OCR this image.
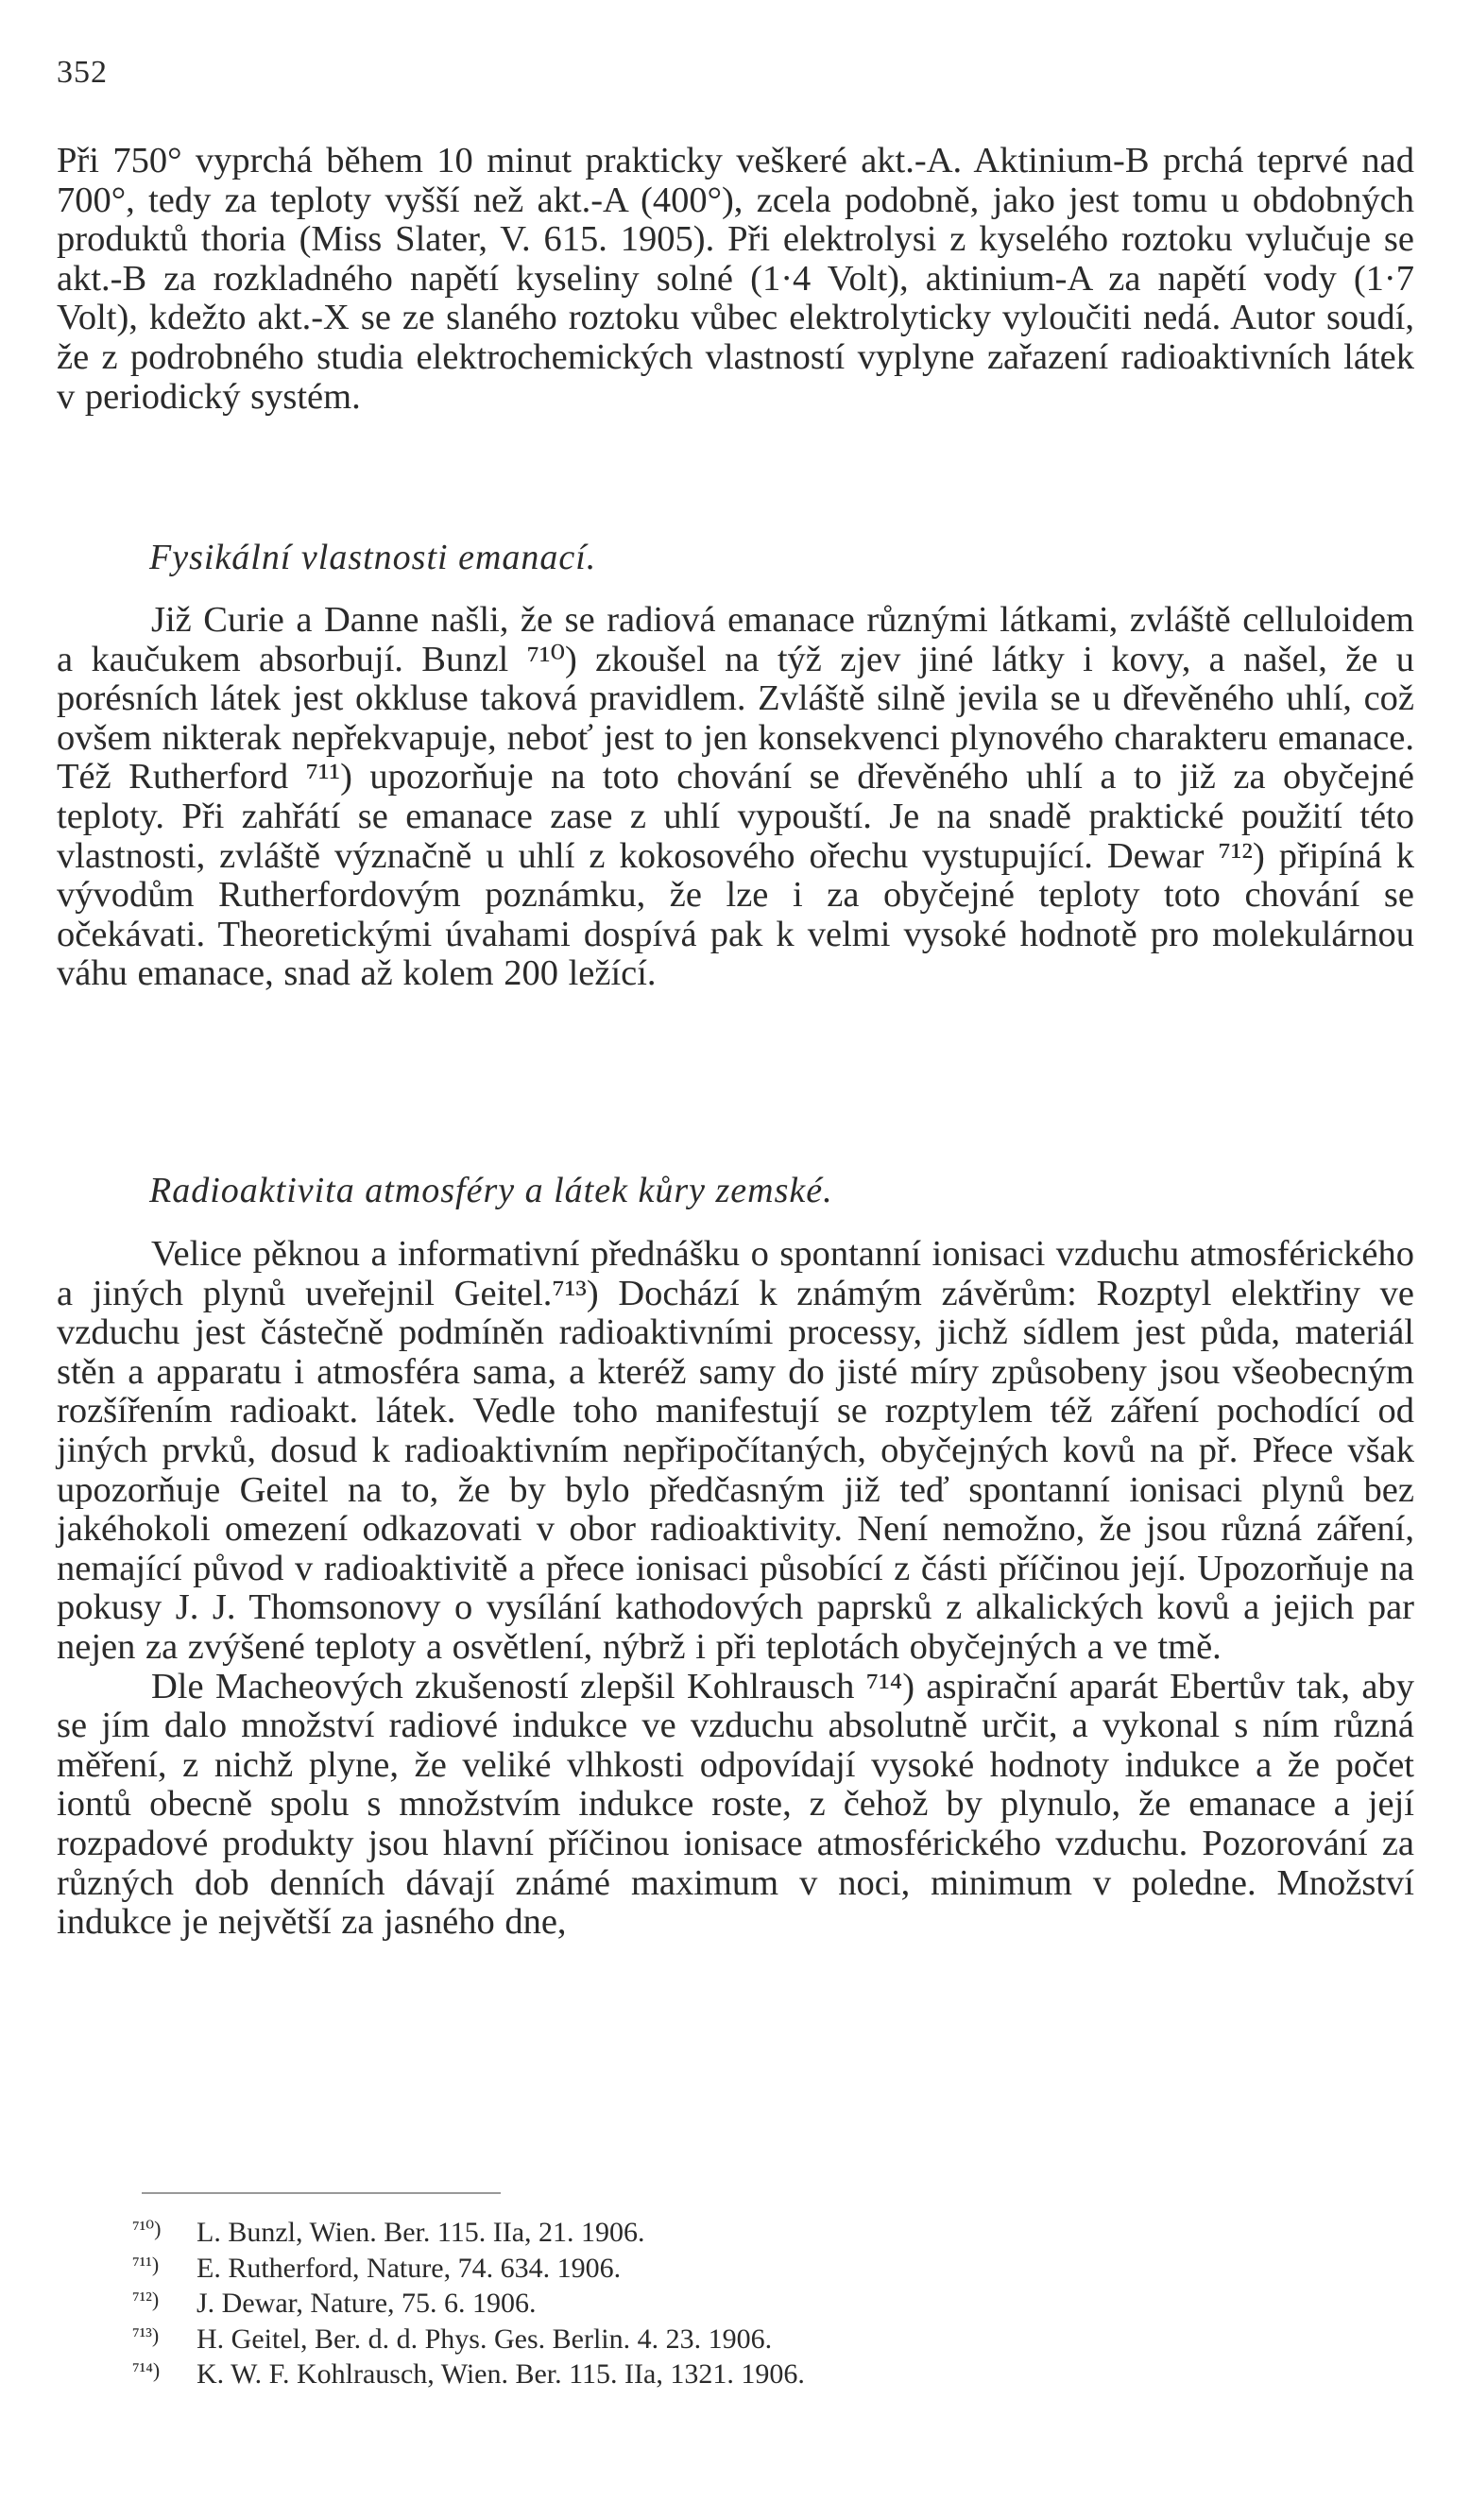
352

Při 750° vyprchá během 10 minut prakticky veškeré akt.-A. Aktinium-B prchá teprvé nad 700°, tedy za teploty vyšší než akt.-A (400°), zcela podobně, jako jest tomu u obdobných produktů thoria (Miss Slater, V. 615. 1905). Při elektrolysi z kyselého roztoku vylučuje se akt.-B za rozkladného napětí kyseliny solné (1·4 Volt), aktinium-A za napětí vody (1·7 Volt), kdežto akt.-X se ze slaného roztoku vůbec elektrolyticky vyloučiti nedá. Autor soudí, že z podrobného studia elektrochemických vlastností vyplyne zařazení radioaktivních látek v periodický systém.

Fysikální vlastnosti emanací.

Již Curie a Danne našli, že se radiová emanace různými látkami, zvláště celluloidem a kaučukem absorbují. Bunzl ⁷¹⁰) zkoušel na týž zjev jiné látky i kovy, a našel, že u porésních látek jest okkluse taková pravidlem. Zvláště silně jevila se u dřevěného uhlí, což ovšem nikterak nepřekvapuje, neboť jest to jen konsekvenci plynového charakteru emanace. Též Rutherford ⁷¹¹) upozorňuje na toto chování se dřevěného uhlí a to již za obyčejné teploty. Při zahřátí se emanace zase z uhlí vypouští. Je na snadě praktické použití této vlastnosti, zvláště význačně u uhlí z kokosového ořechu vystupující. Dewar ⁷¹²) připíná k vývodům Rutherfordovým poznámku, že lze i za obyčejné teploty toto chování se očekávati. Theoretickými úvahami dospívá pak k velmi vysoké hodnotě pro molekulárnou váhu emanace, snad až kolem 200 ležící.

Radioaktivita atmosféry a látek kůry zemské.

Velice pěknou a informativní přednášku o spontanní ionisaci vzduchu atmosférického a jiných plynů uveřejnil Geitel.⁷¹³) Dochází k známým závěrům: Rozptyl elektřiny ve vzduchu jest částečně podmíněn radioaktivními processy, jichž sídlem jest půda, materiál stěn a apparatu i atmosféra sama, a kteréž samy do jisté míry způsobeny jsou všeobecným rozšířením radioakt. látek. Vedle toho manifestují se rozptylem též záření pochodící od jiných prvků, dosud k radioaktivním nepřipočítaných, obyčejných kovů na př. Přece však upozorňuje Geitel na to, že by bylo předčasným již teď spontanní ionisaci plynů bez jakéhokoli omezení odkazovati v obor radioaktivity. Není nemožno, že jsou různá záření, nemající původ v radioaktivitě a přece ionisaci působící z části příčinou její. Upozorňuje na pokusy J. J. Thomsonovy o vysílání kathodových paprsků z alkalických kovů a jejich par nejen za zvýšené teploty a osvětlení, nýbrž i při teplotách obyčejných a ve tmě.

Dle Macheových zkušeností zlepšil Kohlrausch ⁷¹⁴) aspirační aparát Ebertův tak, aby se jím dalo množství radiové indukce ve vzduchu absolutně určit, a vykonal s ním různá měření, z nichž plyne, že veliké vlhkosti odpovídají vysoké hodnoty indukce a že počet iontů obecně spolu s množstvím indukce roste, z čehož by plynulo, že emanace a její rozpadové produkty jsou hlavní příčinou ionisace atmosférického vzduchu. Pozorování za různých dob denních dávají známé maximum v noci, minimum v poledne. Množství indukce je největší za jasného dne,

⁷¹⁰) L. Bunzl, Wien. Ber. 115. IIa, 21. 1906.
⁷¹¹) E. Rutherford, Nature, 74. 634. 1906.
⁷¹²) J. Dewar, Nature, 75. 6. 1906.
⁷¹³) H. Geitel, Ber. d. d. Phys. Ges. Berlin. 4. 23. 1906.
⁷¹⁴) K. W. F. Kohlrausch, Wien. Ber. 115. IIa, 1321. 1906.
